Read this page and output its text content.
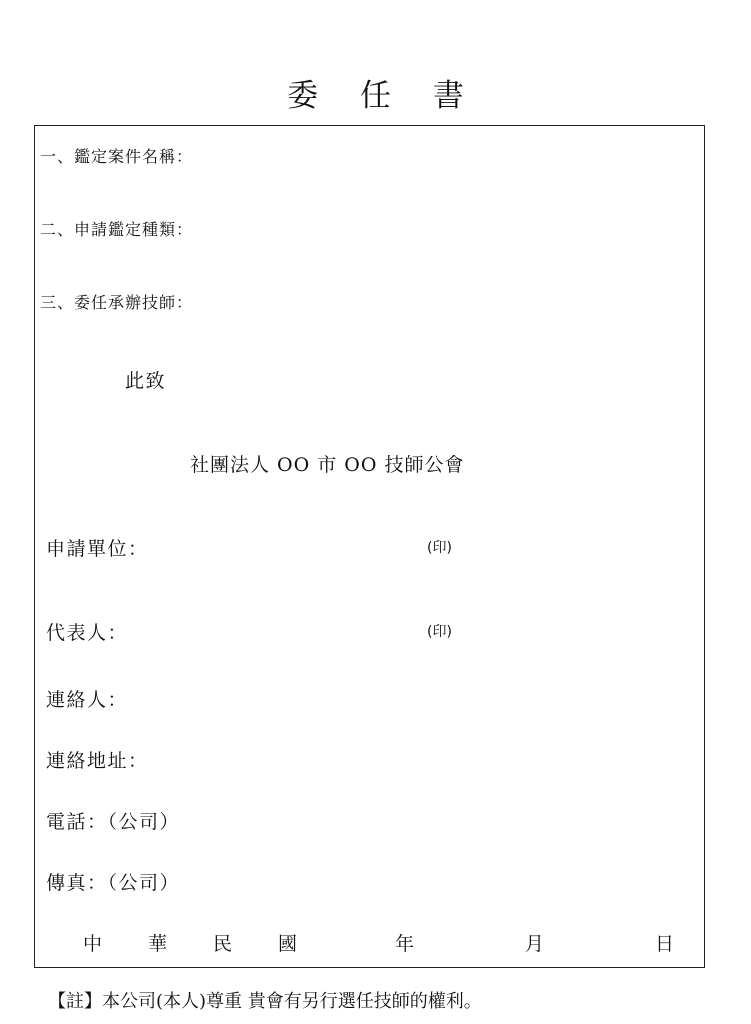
委 任 書
一、鑑定案件名稱：
二、申請鑑定種類：
三、委任承辦技師：
此致
社團法人 OO 市 OO 技師公會
申請單位：	(印)
代表人：	(印)
連絡人：
連絡地址：
電話：（公司）
傳真：（公司）
中 華 民 國	年	月	日
【註】本公司(本人)尊重 貴會有另行選任技師的權利。
